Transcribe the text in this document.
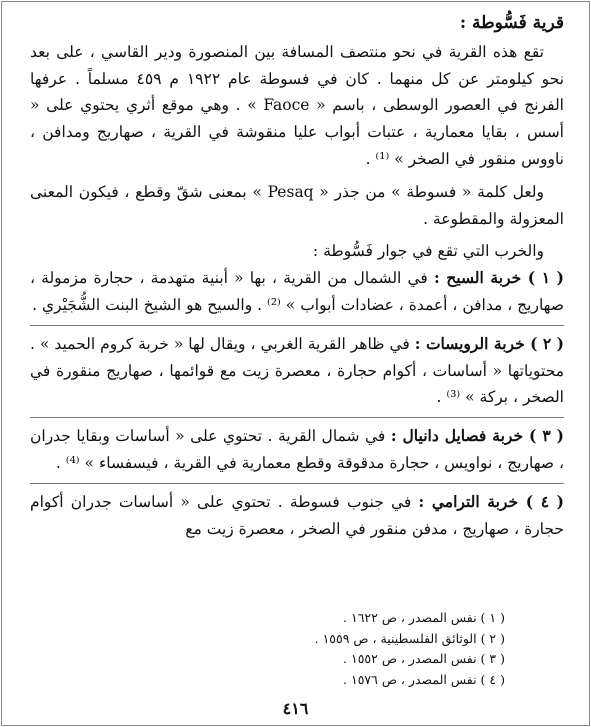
قرية فَسُّوطة :

تقع هذه القرية في نحو منتصف المسافة بين المنصورة ودير القاسي ، على بعد نحو كيلومتر عن كل منهما . كان في فسوطة عام ١٩٢٢ م ٤٥٩ مسلماً . عرفها الفرنج في العصور الوسطى ، باسم « Faoce » . وهي موقع أثري يحتوي على « أسس ، بقايا معمارية ، عتبات أبواب عليا منقوشة في القرية ، صهاريج ومدافن ، ناووس منقور في الصخر » ⁽¹⁾ .

ولعل كلمة « فسوطة » من جذر « Pesaq » بمعنى شقّ وقطع ، فيكون المعنى المعزولة والمقطوعة .

والخرب التي تقع في جوار فَسُّوطة :

( ١ ) خربة السيح : في الشمال من القرية ، بها « أبنية متهدمة ، حجارة مزمولة ، صهاريج ، مدافن ، أعمدة ، عضادات أبواب » ⁽²⁾ . والسيح هو الشيخ البنت الشُّجَيْري .

( ٢ ) خربة الرويسات : في ظاهر القرية الغربي ، ويقال لها « خربة كروم الحميد » . محتوياتها « أساسات ، أكوام حجارة ، معصرة زيت مع قوائمها ، صهاريج منقورة في الصخر ، بركة » ⁽³⁾ .

( ٣ ) خربة فصايل دانيال : في شمال القرية . تحتوي على « أساسات وبقايا جدران ، صهاريج ، نواويس ، حجارة مدقوقة وقطع معمارية في القرية ، فيسفساء » ⁽⁴⁾ .

( ٤ ) خربة الترامي : في جنوب فسوطة . تحتوي على « أساسات جدران أكوام حجارة ، صهاريج ، مدفن منقور في الصخر ، معصرة زيت مع

( ١ ) نفس المصدر ، ص ١٦٢٢ .

( ٢ ) الوثائق الفلسطينية ، ص ١٥٥٩ .

( ٣ ) نفس المصدر ، ص ١٥٥٢ .

( ٤ ) نفس المصدر ، ص ١٥٧٦ .

٤١٦
